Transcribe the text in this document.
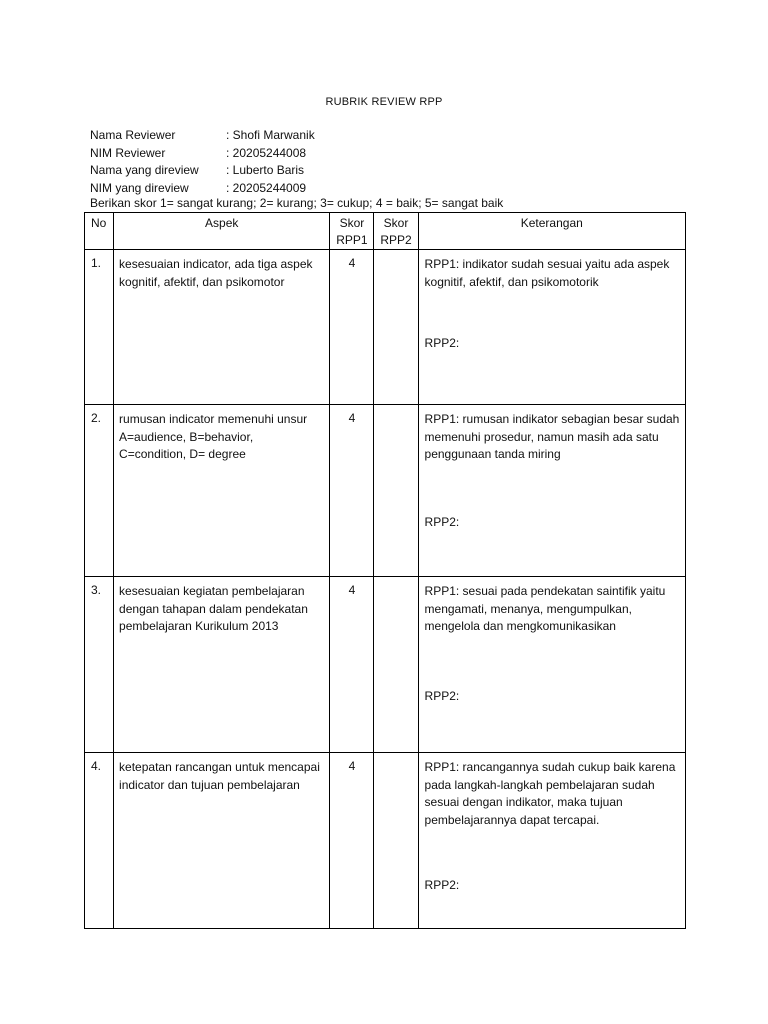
RUBRIK REVIEW RPP
Nama Reviewer	: Shofi Marwanik
NIM Reviewer	: 20205244008
Nama yang direview	: Luberto Baris
NIM yang direview	: 20205244009
Berikan skor 1= sangat kurang; 2= kurang; 3= cukup; 4 = baik; 5= sangat baik
No	Aspek	Skor RPP1	Skor RPP2	Keterangan
1.	kesesuaian indicator, ada tiga aspek kognitif, afektif, dan psikomotor	4		RPP1: indikator sudah sesuai yaitu ada aspek kognitif, afektif, dan psikomotorik
RPP2:

2.	rumusan indicator memenuhi unsur A=audience, B=behavior, C=condition, D= degree	4		RPP1: rumusan indikator sebagian besar sudah memenuhi prosedur, namun masih ada satu penggunaan tanda miring
RPP2:

3.	kesesuaian kegiatan pembelajaran dengan tahapan dalam pendekatan pembelajaran Kurikulum 2013	4		RPP1: sesuai pada pendekatan saintifik yaitu mengamati, menanya, mengumpulkan, mengelola dan mengkomunikasikan
RPP2:

4.	ketepatan rancangan untuk mencapai indicator dan tujuan pembelajaran	4		RPP1: rancangannya sudah cukup baik karena pada langkah-langkah pembelajaran sudah sesuai dengan indikator, maka tujuan pembelajarannya dapat tercapai.
RPP2:
